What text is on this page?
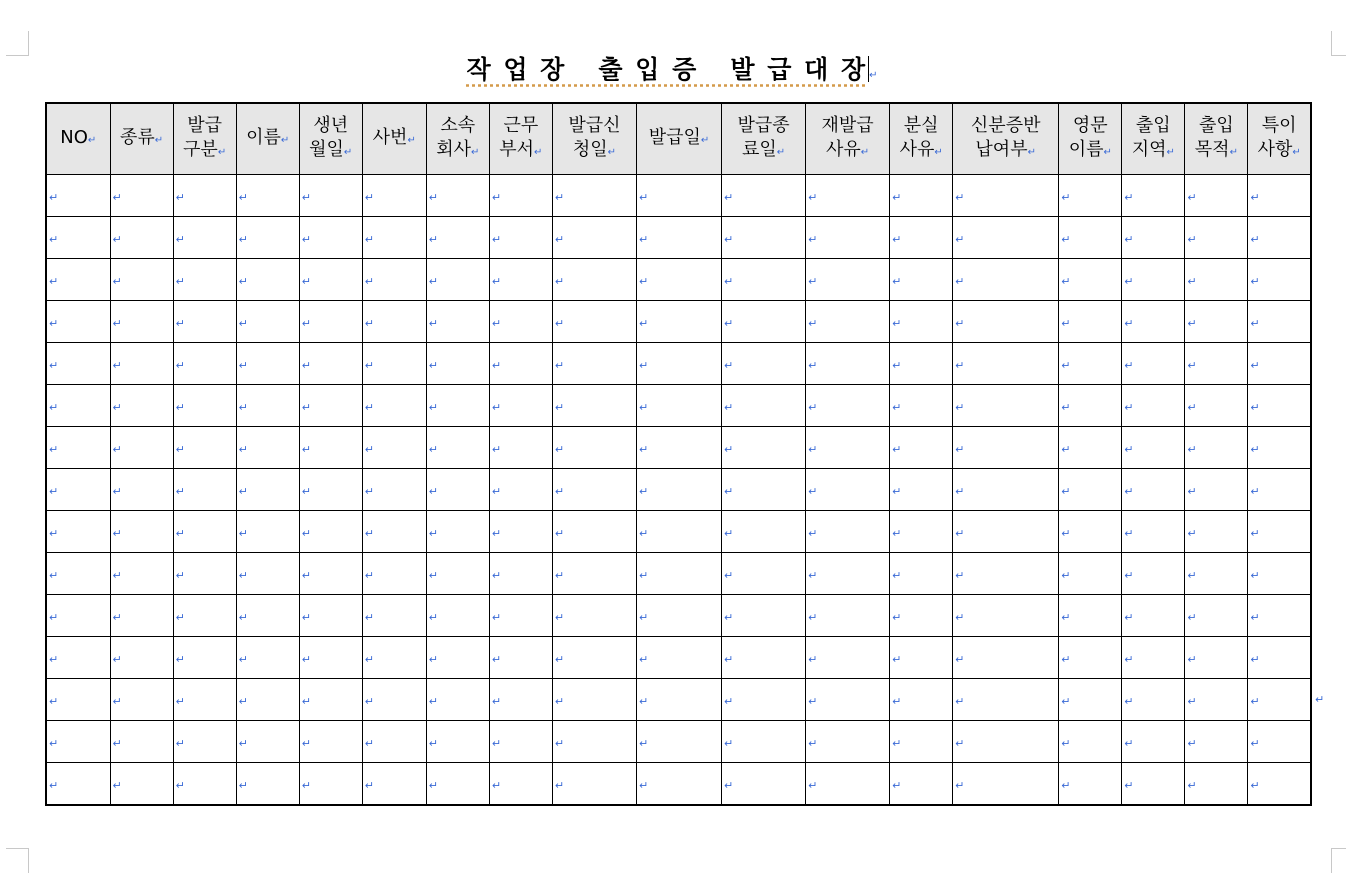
작 업 장   출 입 증   발 급 대 장 ↵
NO↵	종류↵	발급
구분↵	이름↵	생년
월일↵	사번↵	소속
회사↵	근무
부서↵	발급신
청일↵	발급일↵	발급종
료일↵	재발급
사유↵	분실
사유↵	신분증반
납여부↵	영문
이름↵	출입
지역↵	출입
목적↵	특이
사항↵

↵	↵	↵	↵	↵	↵	↵	↵	↵	↵	↵	↵	↵	↵	↵	↵	↵	↵
↵	↵	↵	↵	↵	↵	↵	↵	↵	↵	↵	↵	↵	↵	↵	↵	↵	↵
↵	↵	↵	↵	↵	↵	↵	↵	↵	↵	↵	↵	↵	↵	↵	↵	↵	↵
↵	↵	↵	↵	↵	↵	↵	↵	↵	↵	↵	↵	↵	↵	↵	↵	↵	↵
↵	↵	↵	↵	↵	↵	↵	↵	↵	↵	↵	↵	↵	↵	↵	↵	↵	↵
↵	↵	↵	↵	↵	↵	↵	↵	↵	↵	↵	↵	↵	↵	↵	↵	↵	↵
↵	↵	↵	↵	↵	↵	↵	↵	↵	↵	↵	↵	↵	↵	↵	↵	↵	↵
↵	↵	↵	↵	↵	↵	↵	↵	↵	↵	↵	↵	↵	↵	↵	↵	↵	↵
↵	↵	↵	↵	↵	↵	↵	↵	↵	↵	↵	↵	↵	↵	↵	↵	↵	↵
↵	↵	↵	↵	↵	↵	↵	↵	↵	↵	↵	↵	↵	↵	↵	↵	↵	↵
↵	↵	↵	↵	↵	↵	↵	↵	↵	↵	↵	↵	↵	↵	↵	↵	↵	↵
↵	↵	↵	↵	↵	↵	↵	↵	↵	↵	↵	↵	↵	↵	↵	↵	↵	↵
↵	↵	↵	↵	↵	↵	↵	↵	↵	↵	↵	↵	↵	↵	↵	↵	↵	↵
↵	↵	↵	↵	↵	↵	↵	↵	↵	↵	↵	↵	↵	↵	↵	↵	↵	↵
↵	↵	↵	↵	↵	↵	↵	↵	↵	↵	↵	↵	↵	↵	↵	↵	↵	↵
↵
